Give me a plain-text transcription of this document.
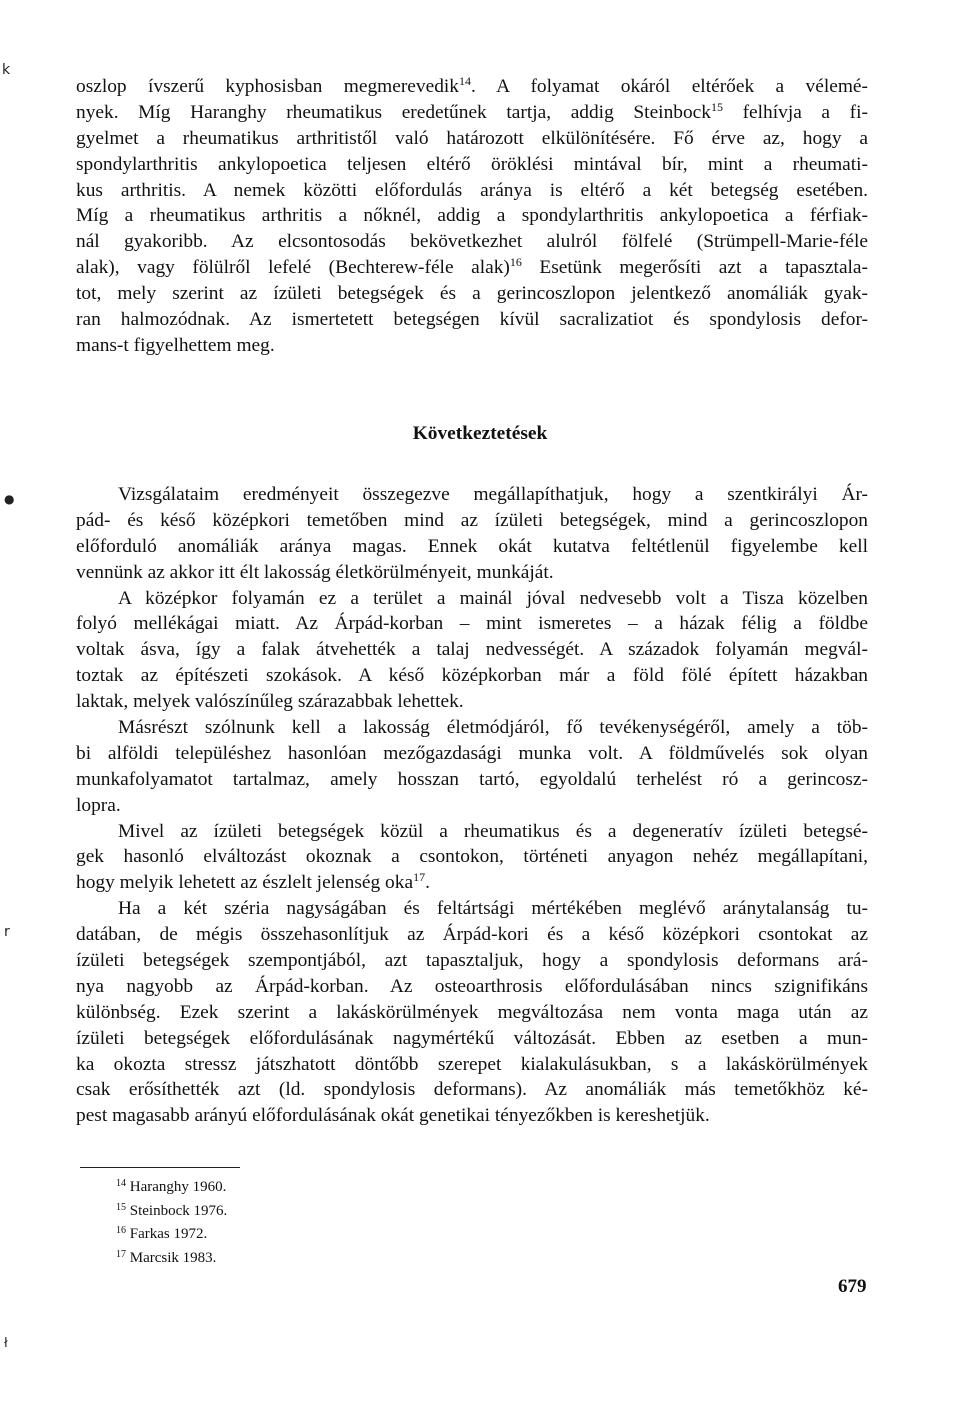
k
●
r
ł
oszlop ívszerű kyphosisban megmerevedik$^{14}$. A folyamat okáról eltérőek a vélemé-
nyek. Míg Haranghy rheumatikus eredetűnek tartja, addig Steinbock$^{15}$ felhívja a fi-
gyelmet a rheumatikus arthritistől való határozott elkülönítésére. Fő érve az, hogy a
spondylarthritis ankylopoetica teljesen eltérő öröklési mintával bír, mint a rheumati-
kus arthritis. A nemek közötti előfordulás aránya is eltérő a két betegség esetében.
Míg a rheumatikus arthritis a nőknél, addig a spondylarthritis ankylopoetica a férfiak-
nál gyakoribb. Az elcsontosodás bekövetkezhet alulról fölfelé (Strümpell-Marie-féle
alak), vagy fölülről lefelé (Bechterew-féle alak)$^{16}$ Esetünk megerősíti azt a tapasztala-
tot, mely szerint az ízületi betegségek és a gerincoszlopon jelentkező anomáliák gyak-
ran halmozódnak. Az ismertetett betegségen kívül sacralizatiot és spondylosis defor-
mans-t figyelhettem meg.
Következtetések
Vizsgálataim eredményeit összegezve megállapíthatjuk, hogy a szentkirályi Ár-
pád- és késő középkori temetőben mind az ízületi betegségek, mind a gerincoszlopon
előforduló anomáliák aránya magas. Ennek okát kutatva feltétlenül figyelembe kell
vennünk az akkor itt élt lakosság életkörülményeit, munkáját.
A középkor folyamán ez a terület a mainál jóval nedvesebb volt a Tisza közelben
folyó mellékágai miatt. Az Árpád-korban – mint ismeretes – a házak félig a földbe
voltak ásva, így a falak átvehették a talaj nedvességét. A századok folyamán megvál-
toztak az építészeti szokások. A késő középkorban már a föld fölé épített házakban
laktak, melyek valószínűleg szárazabbak lehettek.
Másrészt szólnunk kell a lakosság életmódjáról, fő tevékenységéről, amely a töb-
bi alföldi településhez hasonlóan mezőgazdasági munka volt. A földművelés sok olyan
munkafolyamatot tartalmaz, amely hosszan tartó, egyoldalú terhelést ró a gerincosz-
lopra.
Mivel az ízületi betegségek közül a rheumatikus és a degeneratív ízületi betegsé-
gek hasonló elváltozást okoznak a csontokon, történeti anyagon nehéz megállapítani,
hogy melyik lehetett az észlelt jelenség oka$^{17}$.
Ha a két széria nagyságában és feltártsági mértékében meglévő aránytalanság tu-
datában, de mégis összehasonlítjuk az Árpád-kori és a késő középkori csontokat az
ízületi betegségek szempontjából, azt tapasztaljuk, hogy a spondylosis deformans ará-
nya nagyobb az Árpád-korban. Az osteoarthrosis előfordulásában nincs szignifikáns
különbség. Ezek szerint a lakáskörülmények megváltozása nem vonta maga után az
ízületi betegségek előfordulásának nagymértékű változását. Ebben az esetben a mun-
ka okozta stressz játszhatott döntőbb szerepet kialakulásukban, s a lakáskörülmények
csak erősíthették azt (ld. spondylosis deformans). Az anomáliák más temetőkhöz ké-
pest magasabb arányú előfordulásának okát genetikai tényezőkben is kereshetjük.
$^{14}$ Haranghy 1960.
$^{15}$ Steinbock 1976.
$^{16}$ Farkas 1972.
$^{17}$ Marcsik 1983.
679
